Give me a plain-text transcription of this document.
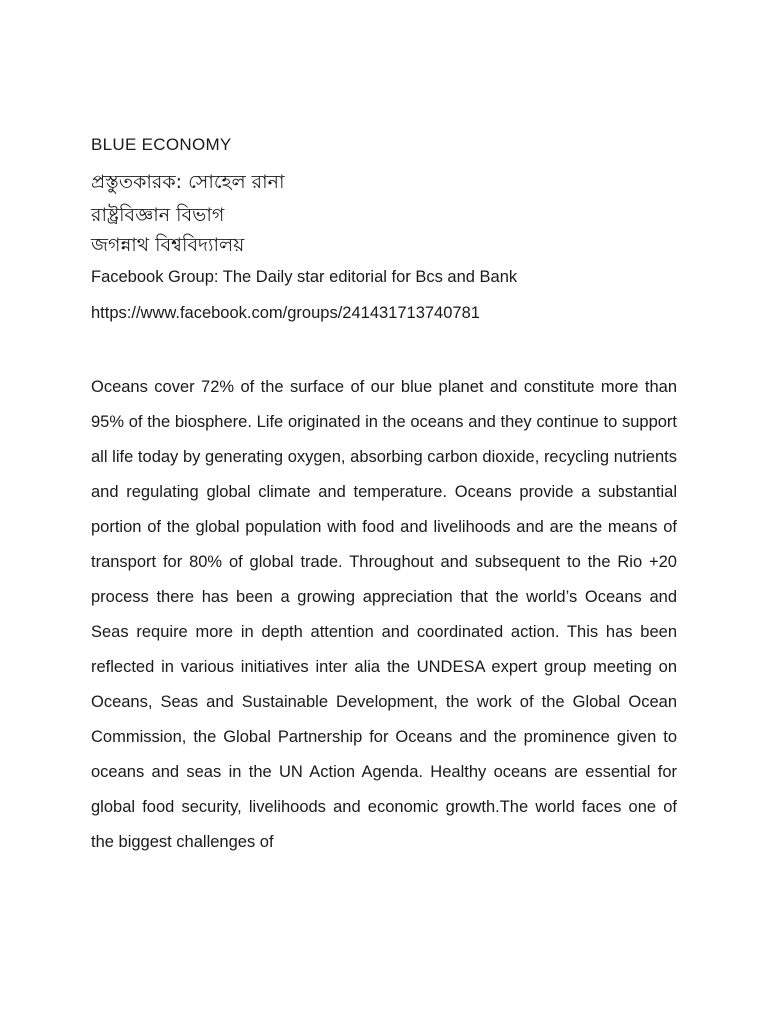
BLUE ECONOMY
প্রস্তুতকারক: সোহেল রানা
রাষ্ট্রবিজ্ঞান বিভাগ
জগন্নাথ বিশ্ববিদ্যালয়
Facebook Group: The Daily star editorial for Bcs and Bank
https://www.facebook.com/groups/241431713740781

Oceans cover 72% of the surface of our blue planet and constitute more than 95% of the biosphere. Life originated in the oceans and they continue to support all life today by generating oxygen, absorbing carbon dioxide, recycling nutrients and regulating global climate and temperature. Oceans provide a substantial portion of the global population with food and livelihoods and are the means of transport for 80% of global trade. Throughout and subsequent to the Rio +20 process there has been a growing appreciation that the world’s Oceans and Seas require more in depth attention and coordinated action. This has been reflected in various initiatives inter alia the UNDESA expert group meeting on Oceans, Seas and Sustainable Development, the work of the Global Ocean Commission, the Global Partnership for Oceans and the prominence given to oceans and seas in the UN Action Agenda. Healthy oceans are essential for global food security, livelihoods and economic growth.The world faces one of the biggest challenges of
